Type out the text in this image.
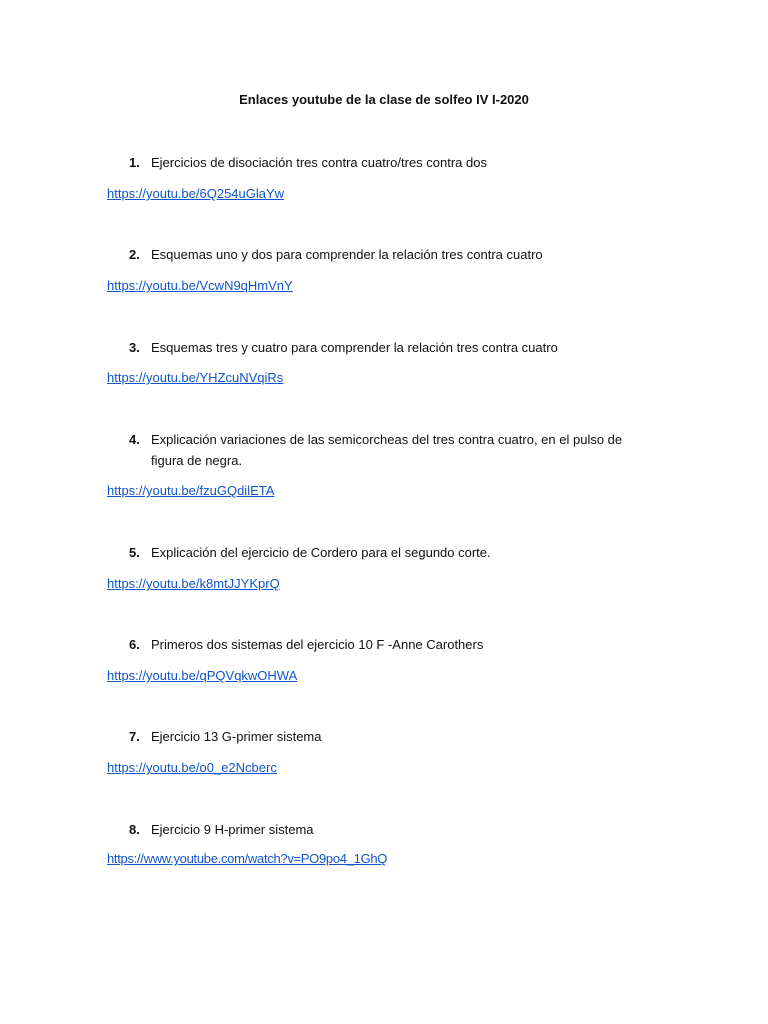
Enlaces youtube de la clase de solfeo IV I-2020
1. Ejercicios de disociación tres contra cuatro/tres contra dos
https://youtu.be/6Q254uGlaYw
2. Esquemas uno y dos para comprender la relación tres contra cuatro
https://youtu.be/VcwN9qHmVnY
3. Esquemas tres y cuatro para comprender la relación tres contra cuatro
https://youtu.be/YHZcuNVqiRs
4. Explicación variaciones de las semicorcheas del tres contra cuatro, en el pulso de figura de negra.
https://youtu.be/fzuGQdilETA
5. Explicación del ejercicio de Cordero para el segundo corte.
https://youtu.be/k8mtJJYKprQ
6. Primeros dos sistemas del ejercicio 10 F -Anne Carothers
https://youtu.be/qPQVqkwOHWA
7. Ejercicio 13 G-primer sistema
https://youtu.be/o0_e2Ncberc
8. Ejercicio 9 H-primer sistema
https://www.youtube.com/watch?v=PO9po4_1GhQ
